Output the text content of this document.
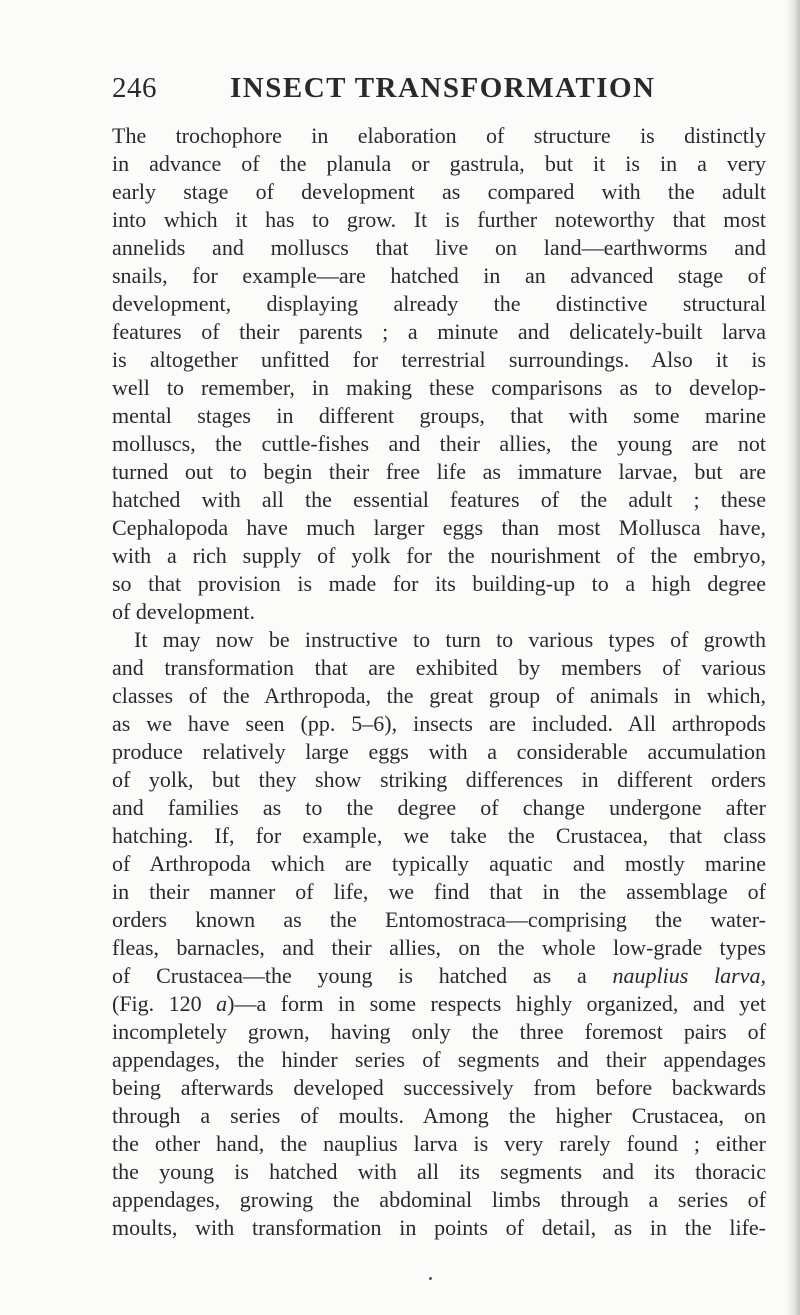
246	INSECT TRANSFORMATION
The trochophore in elaboration of structure is distinctly
in advance of the planula or gastrula, but it is in a very
early stage of development as compared with the adult
into which it has to grow. It is further noteworthy that most
annelids and molluscs that live on land—earthworms and
snails, for example—are hatched in an advanced stage of
development, displaying already the distinctive structural
features of their parents ; a minute and delicately-built larva
is altogether unfitted for terrestrial surroundings. Also it is
well to remember, in making these comparisons as to develop-
mental stages in different groups, that with some marine
molluscs, the cuttle-fishes and their allies, the young are not
turned out to begin their free life as immature larvae, but are
hatched with all the essential features of the adult ; these
Cephalopoda have much larger eggs than most Mollusca have,
with a rich supply of yolk for the nourishment of the embryo,
so that provision is made for its building-up to a high degree
of development.
It may now be instructive to turn to various types of growth
and transformation that are exhibited by members of various
classes of the Arthropoda, the great group of animals in which,
as we have seen (pp. 5–6), insects are included. All arthropods
produce relatively large eggs with a considerable accumulation
of yolk, but they show striking differences in different orders
and families as to the degree of change undergone after
hatching. If, for example, we take the Crustacea, that class
of Arthropoda which are typically aquatic and mostly marine
in their manner of life, we find that in the assemblage of
orders known as the Entomostraca—comprising the water-
fleas, barnacles, and their allies, on the whole low-grade types
of Crustacea—the young is hatched as a nauplius larva,
(Fig. 120 a)—a form in some respects highly organized, and yet
incompletely grown, having only the three foremost pairs of
appendages, the hinder series of segments and their appendages
being afterwards developed successively from before backwards
through a series of moults. Among the higher Crustacea, on
the other hand, the nauplius larva is very rarely found ; either
the young is hatched with all its segments and its thoracic
appendages, growing the abdominal limbs through a series of
moults, with transformation in points of detail, as in the life-
